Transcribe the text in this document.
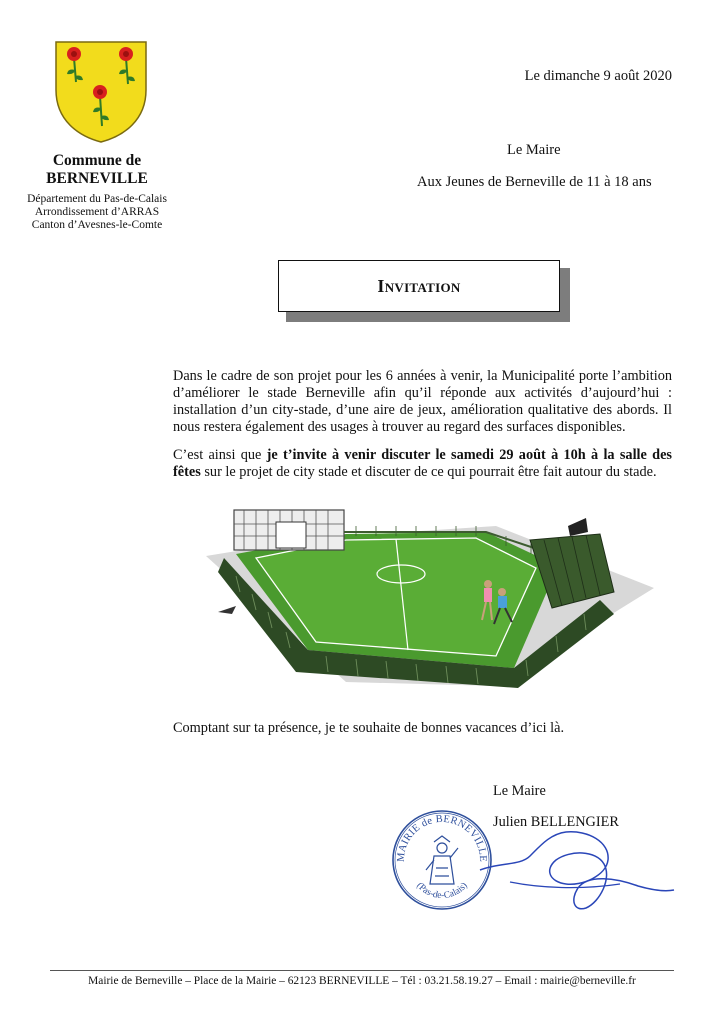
Commune de
BERNEVILLE
Département du Pas-de-Calais
Arrondissement d’ARRAS
Canton d’Avesnes-le-Comte
Le dimanche 9 août 2020
Le Maire
Aux Jeunes de Berneville de 11 à 18 ans
Invitation
Dans le cadre de son projet pour les 6 années à venir, la Municipalité porte l’ambition d’améliorer le stade Berneville afin qu’il réponde aux activités d’aujourd’hui : installation d’un city-stade, d’une aire de jeux, amélioration qualitative des abords. Il nous restera également des usages à trouver au regard des surfaces disponibles.
C’est ainsi que je t’invite à venir discuter le samedi 29 août à 10h à la salle des fêtes sur le projet de city stade et discuter de ce qui pourrait être fait autour du stade.
Comptant sur ta présence, je te souhaite de bonnes vacances d’ici là.
Le Maire
Julien BELLENGIER
MAIRIE de BERNEVILLE
(Pas-de-Calais)
Mairie de Berneville – Place de la Mairie – 62123 BERNEVILLE – Tél : 03.21.58.19.27 – Email : mairie@berneville.fr
